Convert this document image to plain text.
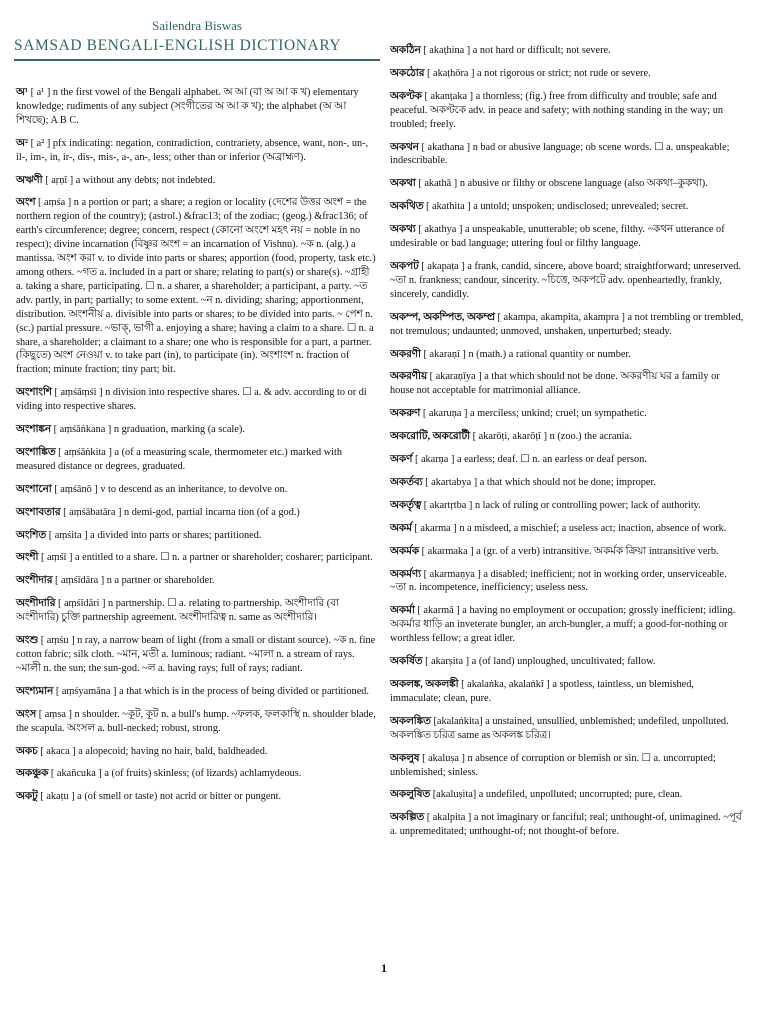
Sailendra Biswas

SAMSAD BENGALI-ENGLISH DICTIONARY

অ¹ [ a¹ ] n the first vowel of the Bengali alphabet. অ আ (বা অ আ ক খ) elementary knowledge; rudiments of any subject (সংগীতের অ আ ক খ); the alphabet (অ আ শিখছে); A B C.

অ² [ a² ] pfx indicating: negation, contradiction, contrariety, absence, want, non-, un-, il-, im-, in, ir-, dis-, mis-, a-, an-, less; other than or inferior (অব্রাহ্মণ).

অঋণী [ aṛṇī ] a without any debts; not indebted.

অংশ [ aṃśa ] n a portion or part; a share; a region or locality (দেশের উত্তর অংশ = the northern region of the country); (astrol.) &frac13; of the zodiac; (geog.) &frac136; of earth's circumference; degree; concern, respect (কোনো অংশে মহৎ নয় = noble in no respect); divine incarnation (বিষ্ণুর অংশ = an incarnation of Vishnu). ~ক n. (alg.) a mantissa. অংশ করা v. to divide into parts or shares; apportion (food, property, task etc.) among others. ~গত a. included in a part or share; relating to part(s) or share(s). ~গ্রাহী a. taking a share, participating. ☐ n. a sharer, a shareholder; a participant, a party. ~ত adv. partly, in part; partially; to some extent. ~ন n. dividing; sharing; apportionment, distribution. অংশনীয় a. divisible into parts or shares; to be divided into parts. ~ পেশ n. (sc.) partial pressure. ~ভাক্, ভাগী a. enjoying a share; having a claim to a share. ☐ n. a share, a shareholder; a claimant to a share; one who is responsible for a part, a partner. (কিছুতে) অংশ নেওয়া v. to take part (in), to participate (in). অংশাংশ n. fraction of fraction; minute fraction; tiny part; bit.

অংশাংশি [ aṃśāṃśi ] n division into respective shares. ☐ a. & adv. according to or di viding into respective shares.

অংশাঙ্কন [ aṃśāṅkana ] n graduation, marking (a scale).

অংশাঙ্কিত [ aṃśāṅkita ] a (of a measuring scale, thermometer etc.) marked with measured distance or degrees, graduated.

অংশানো [ aṃśānō ] v to descend as an inheritance, to devolve on.

অংশাবতার [ aṃśābatāra ] n demi-god, partial incarna tion (of a god.)

অংশিত [ aṃśita ] a divided into parts or shares; partitioned.

অংশী [ aṃśī ] a entitled to a share. ☐ n. a partner or shareholder; cosharer; participant.

অংশীদার [ aṃśīdāra ] n a partner or shareholder.

অংশীদারি [ aṃśīdāri ] n partnership. ☐ a. relating to partnership. অংশীদারি (বা অংশীদারি) চুক্তি partnership agreement. অংশীদারিত্ব n. same as অংশীদারি।

অংশু [ aṃśu ] n ray, a narrow beam of light (from a small or distant source). ~ক n. fine cotton fabric; silk cloth. ~মান, মতী a. luminous; radiant. ~মালা n. a stream of rays. ~মালী n. the sun; the sun-god. ~ল a. having rays; full of rays; radiant.

অংশ্যমান [ aṃśyamāna ] a that which is in the process of being divided or partitioned.

অংস [ aṃsa ] n shoulder. ~কূট, কূট n. a bull's hump. ~ফলক, ফলকাস্থি n. shoulder blade, the scapula. অংসল a. bull-necked; robust, strong.

অকচ [ akaca ] a alopecoid; having no hair, bald, baldheaded.

অকঞ্চুক [ akañcuka ] a (of fruits) skinless; (of lizards) achlamydeous.

অকটু [ akaṭu ] a (of smell or taste) not acrid or bitter or pungent.

অকঠিন [ akaṭhina ] a not hard or difficult; not severe.

অকঠোর [ akaṭhōra ] a not rigorous or strict; not rude or severe.

অকণ্টক [ akanṭaka ] a thornless; (fig.) free from difficulty and trouble; safe and peaceful. অকণ্টকে adv. in peace and safety; with nothing standing in the way; un troubled; freely.

অকথন [ akathana ] n bad or abusive language; ob scene words. ☐ a. unspeakable; indescribable.

অকথা [ akathā ] n abusive or filthy or obscene language (also অকথা–কুকথা).

অকথিত [ akathita ] a untold; unspoken; undisclosed; unrevealed; secret.

অকথ্য [ akathya ] a unspeakable, unutterable; ob scene, filthy. ~কথন utterance of undesirable or bad language; uttering foul or filthy language.

অকপট [ akapaṭa ] a frank, candid, sincere, above board; straightforward; unreserved. ~তা n. frankness; candour, sincerity. ~চিত্তে, অকপটে adv. openheartedly, frankly, sincerely, candidly.

অকম্প, অকম্পিত, অকম্প্র [ akampa, akampita, akampra ] a not trembling or trembled, not tremulous; undaunted; unmoved, unshaken, unperturbed; steady.

অকরণী [ akaraṇī ] n (math.) a rational quantity or number.

অকরণীয় [ akaraṇīya ] a that which should not be done. অকরণীয় ঘর a family or house not acceptable for matrimonial alliance.

অকরুণ [ akaruṇa ] a merciless; unkind; cruel; un sympathetic.

অকরোটি, অকরোটী [ akarōṭi, akarōṭī ] n (zoo.) the acrania.

অকর্ণ [ akarṇa ] a earless; deaf. ☐ n. an earless or deaf person.

অকর্তব্য [ akartabya ] a that which should not be done; improper.

অকর্তৃত্ব [ akartṛtba ] n lack of ruling or controlling power; lack of authority.

অকর্ম [ akarma ] n a misdeed, a mischief; a useless act; inaction, absence of work.

অকর্মক [ akarmaka ] a (gr. of a verb) intransitive. অকর্মক ক্রিয়া intransitive verb.

অকর্মণ্য [ akarmaṇya ] a disabled; inefficient; not in working order, unserviceable. ~তা n. incompetence, inefficiency; useless ness.

অকর্মা [ akarmā ] a having no employment or occupation; grossly inefficient; idling. অকর্মার ধাড়ি an inveterate bungler, an arch-bungler, a muff; a good-for-nothing or worthless fellow; a great idler.

অকর্ষিত [ akarṣita ] a (of land) unploughed, uncultivated; fallow.

অকলঙ্ক, অকলঙ্কী [ akalaṅka, akalaṅkī ] a spotless, taintless, un blemished, immaculate; clean, pure.

অকলঙ্কিত [akalaṅkita] a unstained, unsullied, unblemished; undefiled, unpolluted. অকলঙ্কিত চরিত্র same as অকলঙ্ক চরিত্র।

অকলুষ [ akaluṣa ] n absence of corruption or blemish or sin. ☐ a. uncorrupted; unblemished; sinless.

অকলুষিত [akaluṣita] a undefiled, unpolluted; uncorrupted; pure, clean.

অকল্পিত [ akalpita ] a not imaginary or fanciful; real; unthought-of, unimagined. ~পূর্ব a. unpremeditated; unthought-of; not thought-of before.

1
